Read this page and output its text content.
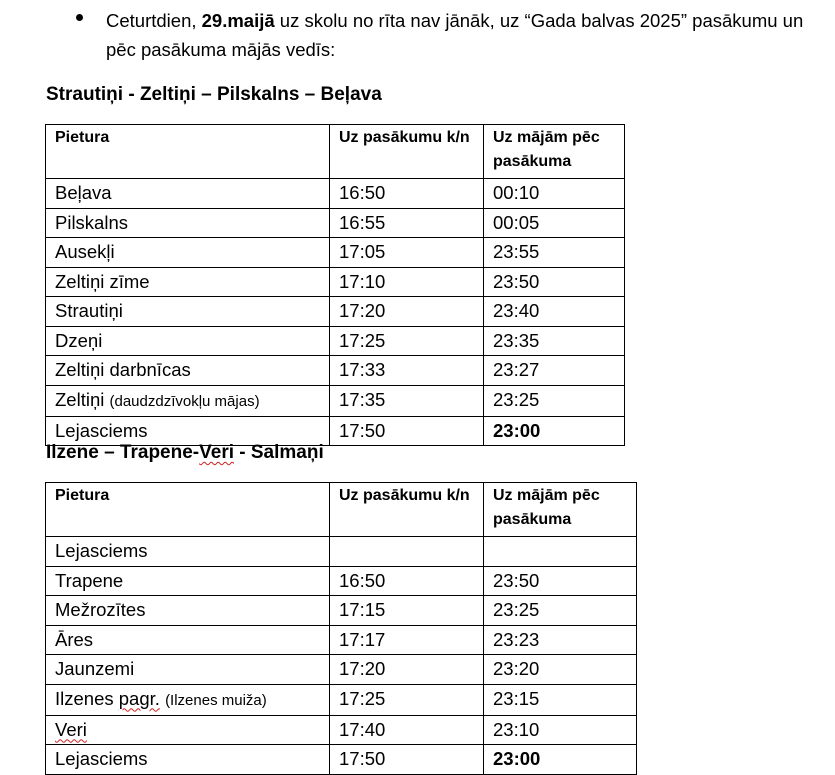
Ceturtdien, 29.maijā uz skolu no rīta nav jānāk, uz “Gada balvas 2025” pasākumu un pēc pasākuma mājās vedīs:
Strautiņi - Zeltiņi – Pilskalns – Beļava
Pietura	Uz pasākumu k/n	Uz mājām pēc pasākuma
Beļava	16:50	00:10
Pilskalns	16:55	00:05
Ausekļi	17:05	23:55
Zeltiņi zīme	17:10	23:50
Strautiņi	17:20	23:40
Dzeņi	17:25	23:35
Zeltiņi darbnīcas	17:33	23:27
Zeltiņi (daudzdzīvokļu mājas)	17:35	23:25
Lejasciems	17:50	23:00
Ilzene – Trapene-Veri - Salmaņi
Pietura	Uz pasākumu k/n	Uz mājām pēc pasākuma
Lejasciems		
Trapene	16:50	23:50
Mežrozītes	17:15	23:25
Āres	17:17	23:23
Jaunzemi	17:20	23:20
Ilzenes pagr. (Ilzenes muiža)	17:25	23:15
Veri	17:40	23:10
Lejasciems	17:50	23:00
